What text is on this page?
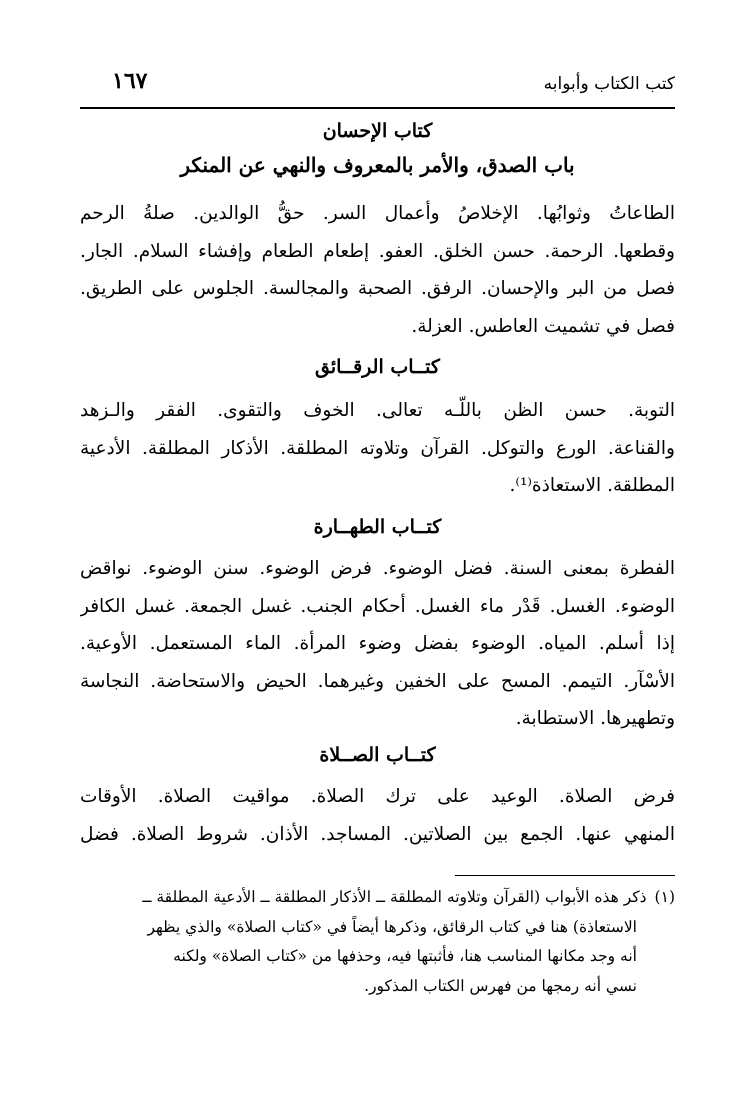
كتب الكتاب وأبوابه
١٦٧
كتاب الإحسان
باب الصدق، والأمر بالمعروف والنهي عن المنكر
الطاعاتُ وثوابُها. الإخلاصُ وأعمال السر. حقُّ الوالدين. صلةُ الرحم
وقطعها. الرحمة. حسن الخلق. العفو. إطعام الطعام وإفشاء السلام. الجار.
فصل من البر والإحسان. الرفق. الصحبة والمجالسة. الجلوس على الطريق.
فصل في تشميت العاطس. العزلة.
كتــاب الرقــائق
التوبة. حسن الظن باللّـه تعالى. الخوف والتقوى. الفقر والـزهد
والقناعة. الورع والتوكل. القرآن وتلاوته المطلقة. الأذكار المطلقة. الأدعية
المطلقة. الاستعاذة⁽¹⁾.
كتــاب الطهــارة
الفطرة بمعنى السنة. فضل الوضوء. فرض الوضوء. سنن الوضوء. نواقض
الوضوء. الغسل. قَدْر ماء الغسل. أحكام الجنب. غسل الجمعة. غسل الكافر
إذا أسلم. المياه. الوضوء بفضل وضوء المرأة. الماء المستعمل. الأوعية.
الأسْآر. التيمم. المسح على الخفين وغيرهما. الحيض والاستحاضة. النجاسة
وتطهيرها. الاستطابة.
كتــاب الصــلاة
فرض الصلاة. الوعيد على ترك الصلاة. مواقيت الصلاة. الأوقات
المنهي عنها. الجمع بين الصلاتين. المساجد. الأذان. شروط الصلاة. فضل
(١)ذكر هذه الأبواب (القرآن وتلاوته المطلقة ــ الأذكار المطلقة ــ الأدعية المطلقة ــ
الاستعاذة) هنا في كتاب الرقائق، وذكرها أيضاً في «كتاب الصلاة» والذي يظهر
أنه وجد مكانها المناسب هنا، فأثبتها فيه، وحذفها من «كتاب الصلاة» ولكنه
نسي أنه رمجها من فهرس الكتاب المذكور.
